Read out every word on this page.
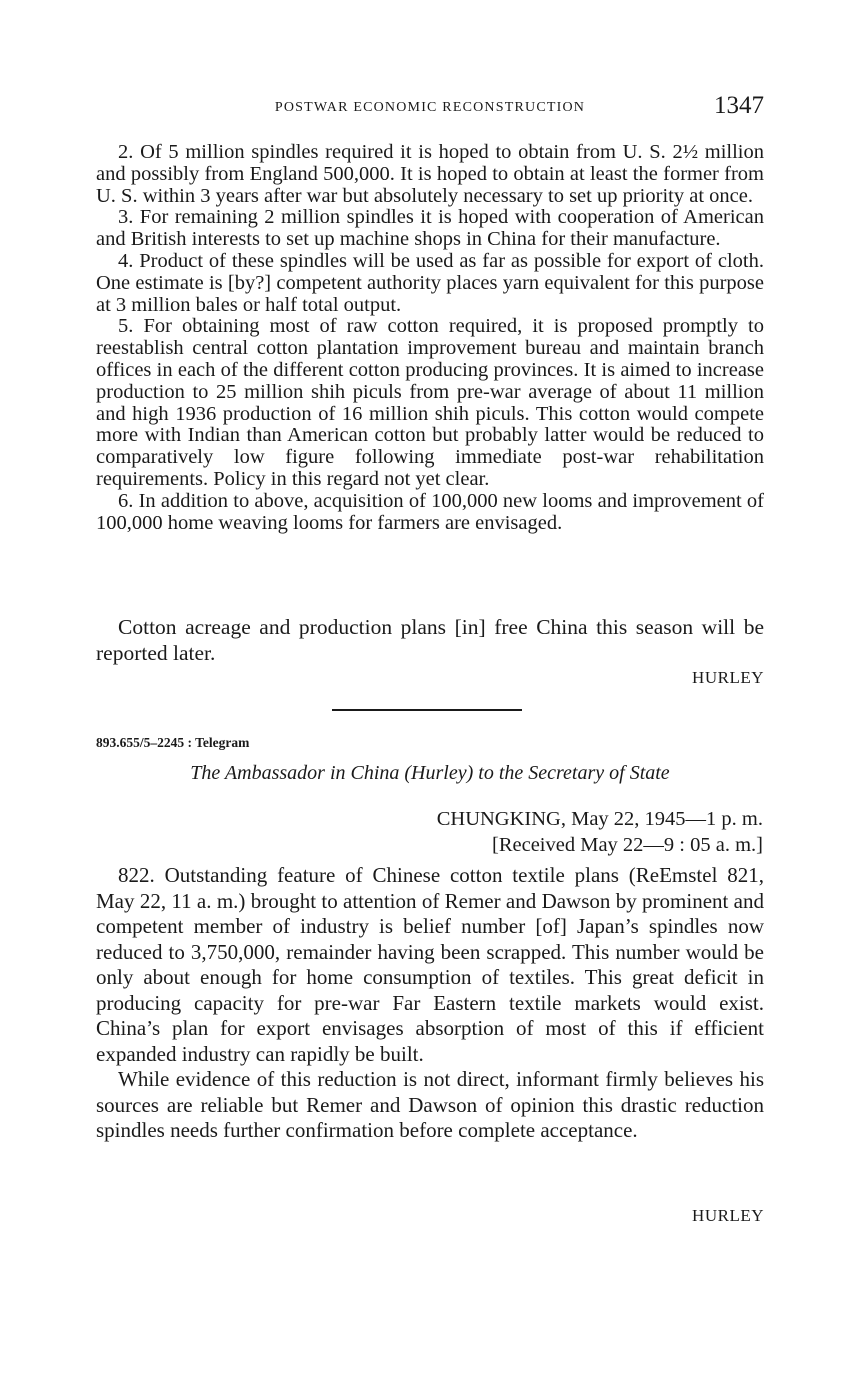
POSTWAR ECONOMIC RECONSTRUCTION	1347

2. Of 5 million spindles required it is hoped to obtain from U. S. 2½ million and possibly from England 500,000. It is hoped to obtain at least the former from U. S. within 3 years after war but absolutely necessary to set up priority at once.

3. For remaining 2 million spindles it is hoped with cooperation of American and British interests to set up machine shops in China for their manufacture.

4. Product of these spindles will be used as far as possible for export of cloth. One estimate is [by?] competent authority places yarn equivalent for this purpose at 3 million bales or half total output.

5. For obtaining most of raw cotton required, it is proposed promptly to reestablish central cotton plantation improvement bureau and maintain branch offices in each of the different cotton producing provinces. It is aimed to increase production to 25 million shih piculs from pre-war average of about 11 million and high 1936 production of 16 million shih piculs. This cotton would compete more with Indian than American cotton but probably latter would be reduced to comparatively low figure following immediate post-war rehabilitation requirements. Policy in this regard not yet clear.

6. In addition to above, acquisition of 100,000 new looms and improvement of 100,000 home weaving looms for farmers are envisaged.

Cotton acreage and production plans [in] free China this season will be reported later.

HURLEY
893.655/5–2245 : Telegram
The Ambassador in China (Hurley) to the Secretary of State
CHUNGKING, May 22, 1945—1 p. m.
[Received May 22—9 : 05 a. m.]

822. Outstanding feature of Chinese cotton textile plans (ReEmstel 821, May 22, 11 a. m.) brought to attention of Remer and Dawson by prominent and competent member of industry is belief number [of] Japan’s spindles now reduced to 3,750,000, remainder having been scrapped. This number would be only about enough for home consumption of textiles. This great deficit in producing capacity for pre-war Far Eastern textile markets would exist. China’s plan for export envisages absorption of most of this if efficient expanded industry can rapidly be built.

While evidence of this reduction is not direct, informant firmly believes his sources are reliable but Remer and Dawson of opinion this drastic reduction spindles needs further confirmation before complete acceptance.

HURLEY
